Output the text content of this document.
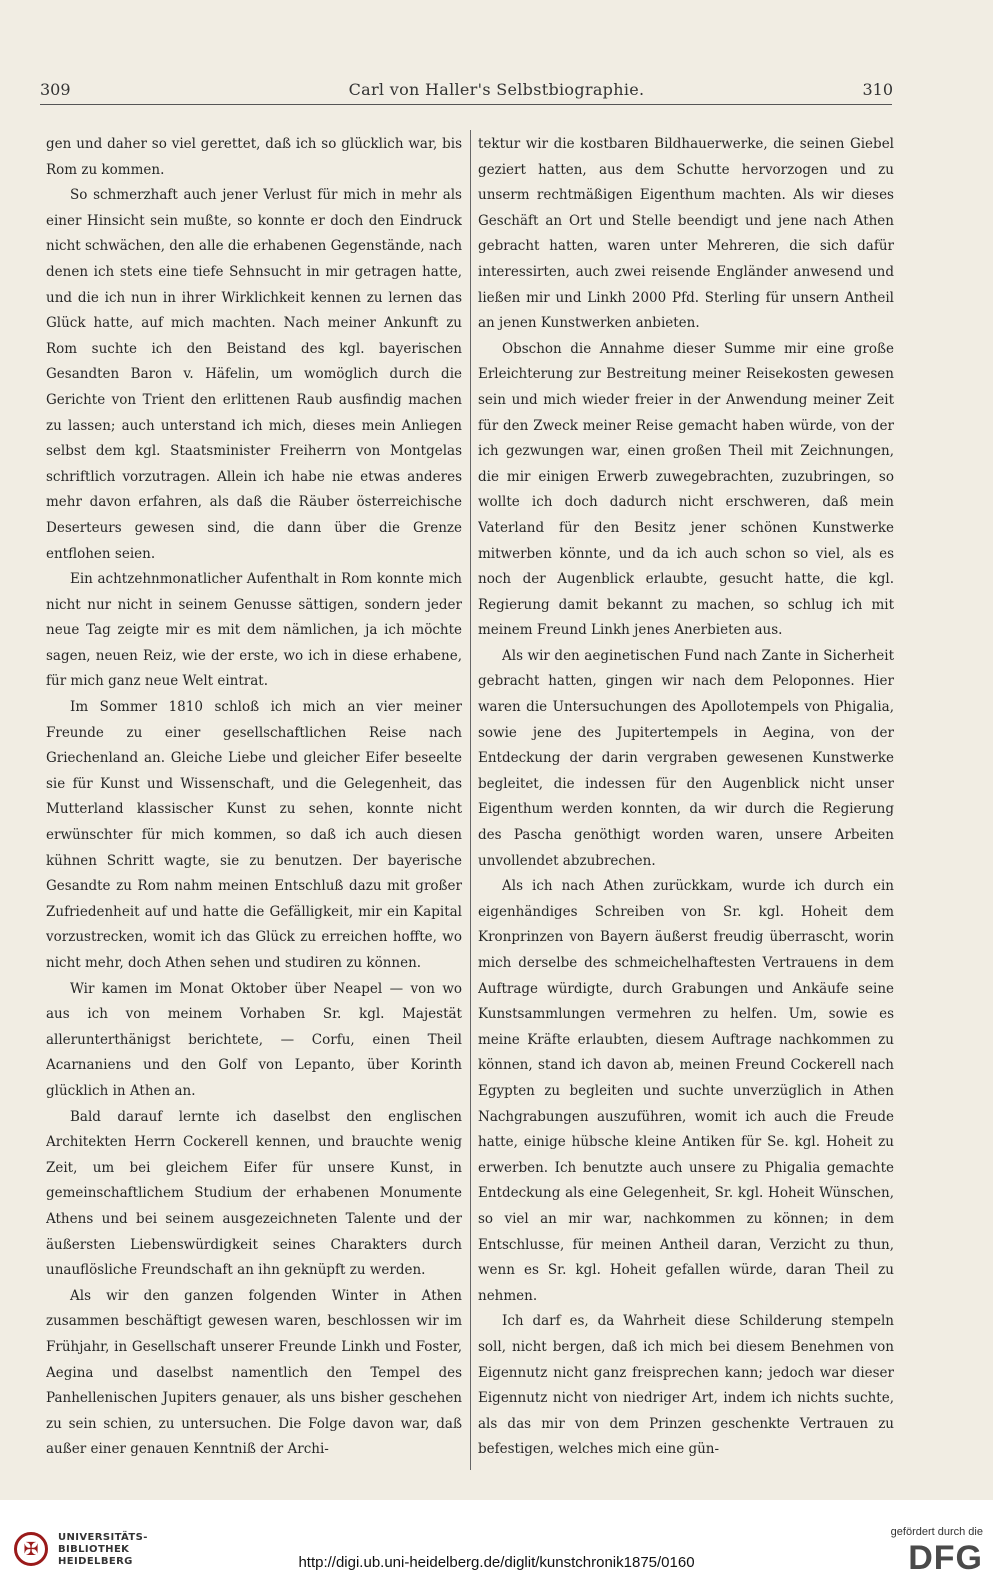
309	Carl von Haller's Selbstbiographie.	310

gen und daher so viel gerettet, daß ich so glücklich war, bis Rom zu kommen.

So schmerzhaft auch jener Verlust für mich in mehr als einer Hinsicht sein mußte, so konnte er doch den Eindruck nicht schwächen, den alle die erhabenen Gegenstände, nach denen ich stets eine tiefe Sehnsucht in mir getragen hatte, und die ich nun in ihrer Wirklichkeit kennen zu lernen das Glück hatte, auf mich machten. Nach meiner Ankunft zu Rom suchte ich den Beistand des kgl. bayerischen Gesandten Baron v. Häfelin, um womöglich durch die Gerichte von Trient den erlittenen Raub ausfindig machen zu lassen; auch unterstand ich mich, dieses mein Anliegen selbst dem kgl. Staatsminister Freiherrn von Montgelas schriftlich vorzutragen. Allein ich habe nie etwas anderes mehr davon erfahren, als daß die Räuber österreichische Deserteurs gewesen sind, die dann über die Grenze entflohen seien.

Ein achtzehnmonatlicher Aufenthalt in Rom konnte mich nicht nur nicht in seinem Genusse sättigen, sondern jeder neue Tag zeigte mir es mit dem nämlichen, ja ich möchte sagen, neuen Reiz, wie der erste, wo ich in diese erhabene, für mich ganz neue Welt eintrat.

Im Sommer 1810 schloß ich mich an vier meiner Freunde zu einer gesellschaftlichen Reise nach Griechenland an. Gleiche Liebe und gleicher Eifer beseelte sie für Kunst und Wissenschaft, und die Gelegenheit, das Mutterland klassischer Kunst zu sehen, konnte nicht erwünschter für mich kommen, so daß ich auch diesen kühnen Schritt wagte, sie zu benutzen. Der bayerische Gesandte zu Rom nahm meinen Entschluß dazu mit großer Zufriedenheit auf und hatte die Gefälligkeit, mir ein Kapital vorzustrecken, womit ich das Glück zu erreichen hoffte, wo nicht mehr, doch Athen sehen und studiren zu können.

Wir kamen im Monat Oktober über Neapel — von wo aus ich von meinem Vorhaben Sr. kgl. Majestät allerunterthänigst berichtete, — Corfu, einen Theil Acarnaniens und den Golf von Lepanto, über Korinth glücklich in Athen an.

Bald darauf lernte ich daselbst den englischen Architekten Herrn Cockerell kennen, und brauchte wenig Zeit, um bei gleichem Eifer für unsere Kunst, in gemeinschaftlichem Studium der erhabenen Monumente Athens und bei seinem ausgezeichneten Talente und der äußersten Liebenswürdigkeit seines Charakters durch unauflösliche Freundschaft an ihn geknüpft zu werden.

Als wir den ganzen folgenden Winter in Athen zusammen beschäftigt gewesen waren, beschlossen wir im Frühjahr, in Gesellschaft unserer Freunde Linkh und Foster, Aegina und daselbst namentlich den Tempel des Panhellenischen Jupiters genauer, als uns bisher geschehen zu sein schien, zu untersuchen. Die Folge davon war, daß außer einer genauen Kenntniß der Archi-

tektur wir die kostbaren Bildhauerwerke, die seinen Giebel geziert hatten, aus dem Schutte hervorzogen und zu unserm rechtmäßigen Eigenthum machten. Als wir dieses Geschäft an Ort und Stelle beendigt und jene nach Athen gebracht hatten, waren unter Mehreren, die sich dafür interessirten, auch zwei reisende Engländer anwesend und ließen mir und Linkh 2000 Pfd. Sterling für unsern Antheil an jenen Kunstwerken anbieten.

Obschon die Annahme dieser Summe mir eine große Erleichterung zur Bestreitung meiner Reisekosten gewesen sein und mich wieder freier in der Anwendung meiner Zeit für den Zweck meiner Reise gemacht haben würde, von der ich gezwungen war, einen großen Theil mit Zeichnungen, die mir einigen Erwerb zuwegebrachten, zuzubringen, so wollte ich doch dadurch nicht erschweren, daß mein Vaterland für den Besitz jener schönen Kunstwerke mitwerben könnte, und da ich auch schon so viel, als es noch der Augenblick erlaubte, gesucht hatte, die kgl. Regierung damit bekannt zu machen, so schlug ich mit meinem Freund Linkh jenes Anerbieten aus.

Als wir den aeginetischen Fund nach Zante in Sicherheit gebracht hatten, gingen wir nach dem Peloponnes. Hier waren die Untersuchungen des Apollotempels von Phigalia, sowie jene des Jupitertempels in Aegina, von der Entdeckung der darin vergraben gewesenen Kunstwerke begleitet, die indessen für den Augenblick nicht unser Eigenthum werden konnten, da wir durch die Regierung des Pascha genöthigt worden waren, unsere Arbeiten unvollendet abzubrechen.

Als ich nach Athen zurückkam, wurde ich durch ein eigenhändiges Schreiben von Sr. kgl. Hoheit dem Kronprinzen von Bayern äußerst freudig überrascht, worin mich derselbe des schmeichelhaftesten Vertrauens in dem Auftrage würdigte, durch Grabungen und Ankäufe seine Kunstsammlungen vermehren zu helfen. Um, sowie es meine Kräfte erlaubten, diesem Auftrage nachkommen zu können, stand ich davon ab, meinen Freund Cockerell nach Egypten zu begleiten und suchte unverzüglich in Athen Nachgrabungen auszuführen, womit ich auch die Freude hatte, einige hübsche kleine Antiken für Se. kgl. Hoheit zu erwerben. Ich benutzte auch unsere zu Phigalia gemachte Entdeckung als eine Gelegenheit, Sr. kgl. Hoheit Wünschen, so viel an mir war, nachkommen zu können; in dem Entschlusse, für meinen Antheil daran, Verzicht zu thun, wenn es Sr. kgl. Hoheit gefallen würde, daran Theil zu nehmen.

Ich darf es, da Wahrheit diese Schilderung stempeln soll, nicht bergen, daß ich mich bei diesem Benehmen von Eigennutz nicht ganz freisprechen kann; jedoch war dieser Eigennutz nicht von niedriger Art, indem ich nichts suchte, als das mir von dem Prinzen geschenkte Vertrauen zu befestigen, welches mich eine gün-

✠
UNIVERSITÄTS-
BIBLIOTHEK
HEIDELBERG	http://digi.ub.uni-heidelberg.de/diglit/kunstchronik1875/0160
gefördert durch die
DFG
